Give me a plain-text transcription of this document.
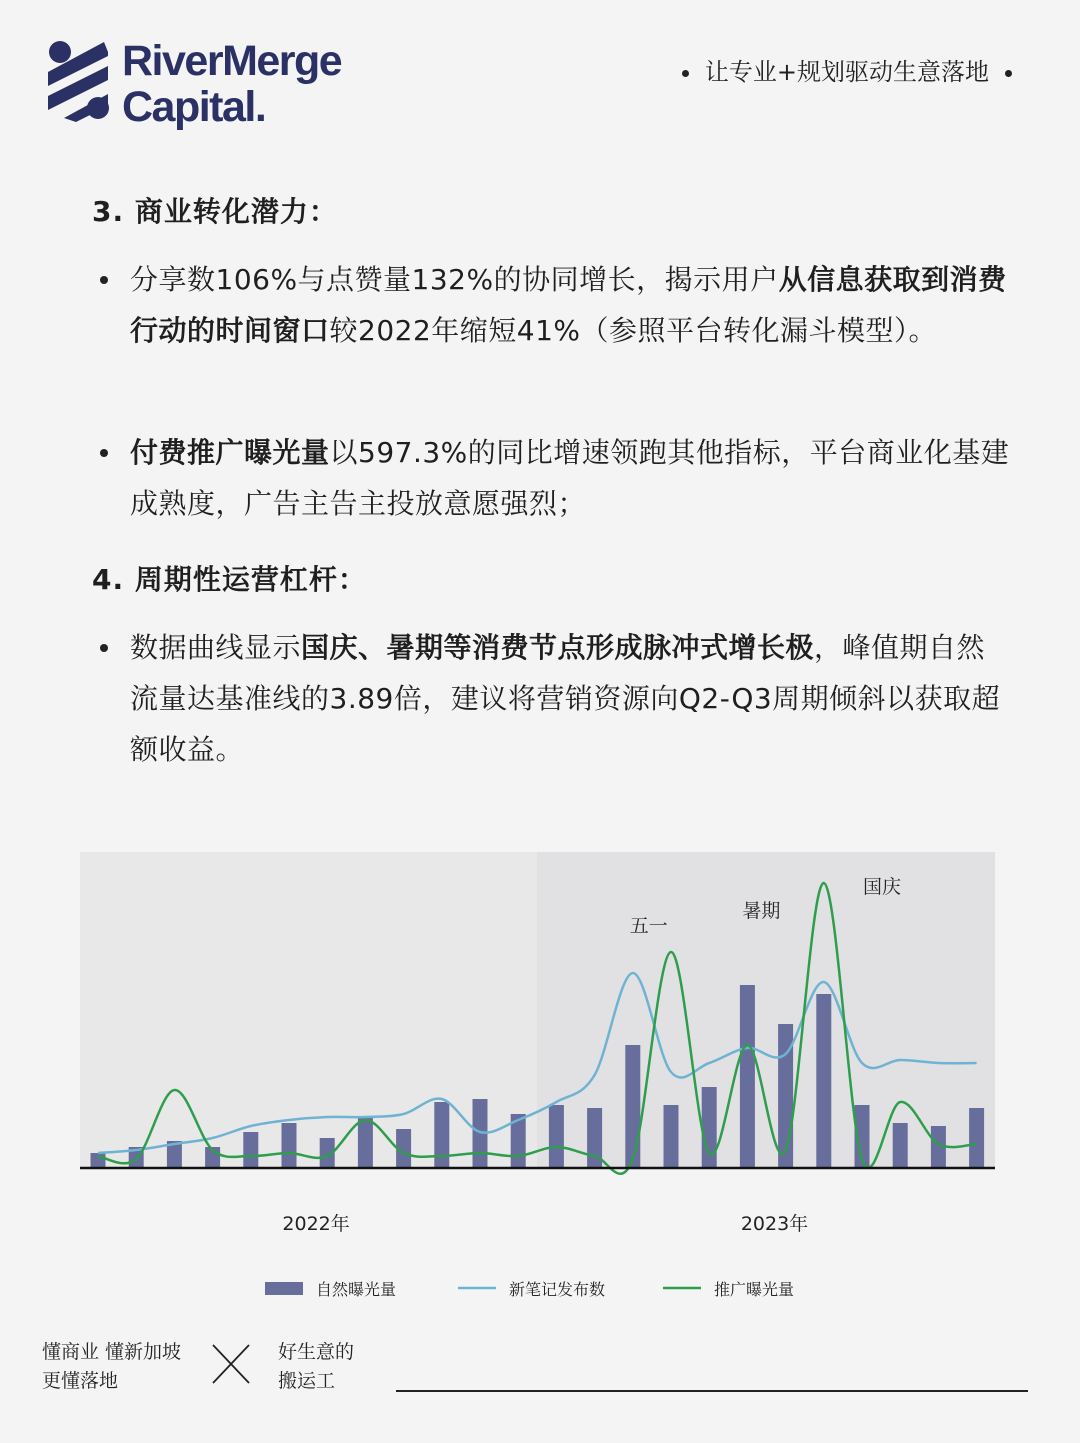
RiverMerge
Capital.
让专业+规划驱动生意落地
3. 商业转化潜力：
分享数106%与点赞量132%的协同增长，揭示用户从信息获取到消费行动的时间窗口较2022年缩短41%（参照平台转化漏斗模型）。
付费推广曝光量以597.3%的同比增速领跑其他指标，平台商业化基建成熟度，广告主告主投放意愿强烈；
4. 周期性运营杠杆：
数据曲线显示国庆、暑期等消费节点形成脉冲式增长极，峰值期自然流量达基准线的3.89倍，建议将营销资源向Q2-Q3周期倾斜以获取超额收益。
五一
暑期
国庆
2022年	2023年
自然曝光量	新笔记发布数	推广曝光量
懂商业 懂新加坡
更懂落地
好生意的
搬运工
